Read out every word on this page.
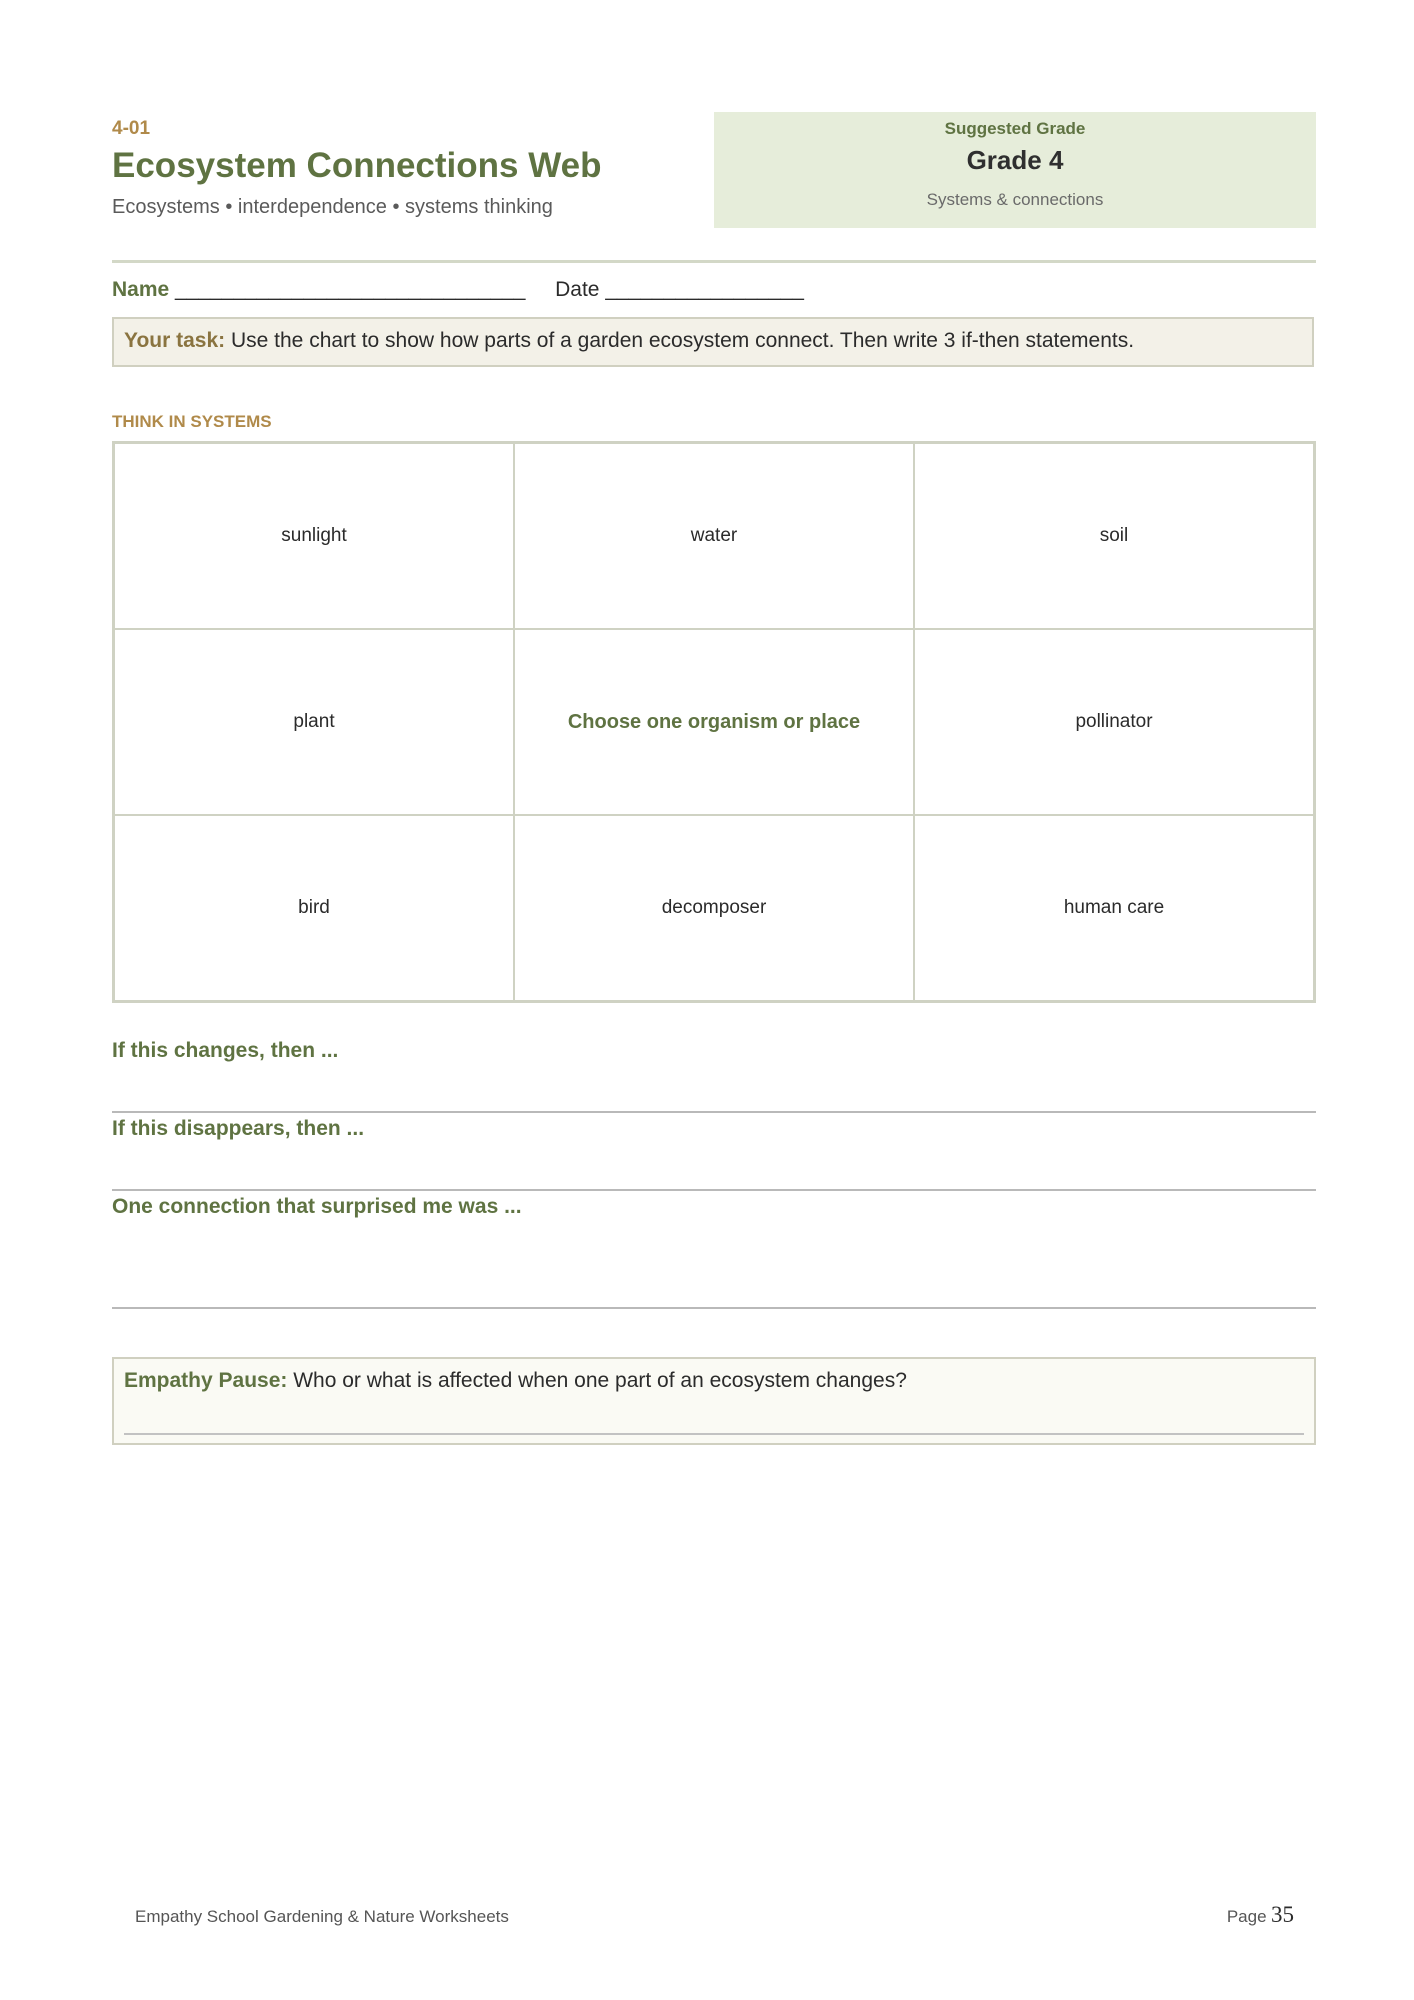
4-01
Ecosystem Connections Web
Ecosystems • interdependence • systems thinking
Suggested Grade
Grade 4
Systems & connections
Name ______________________________ Date _________________
Your task: Use the chart to show how parts of a garden ecosystem connect. Then write 3 if-then statements.
THINK IN SYSTEMS
sunlight	water	soil
plant	Choose one organism or place	pollinator
bird	decomposer	human care
If this changes, then ...
If this disappears, then ...
One connection that surprised me was ...
Empathy Pause: Who or what is affected when one part of an ecosystem changes?
Empathy School Gardening & Nature Worksheets	Page 35
